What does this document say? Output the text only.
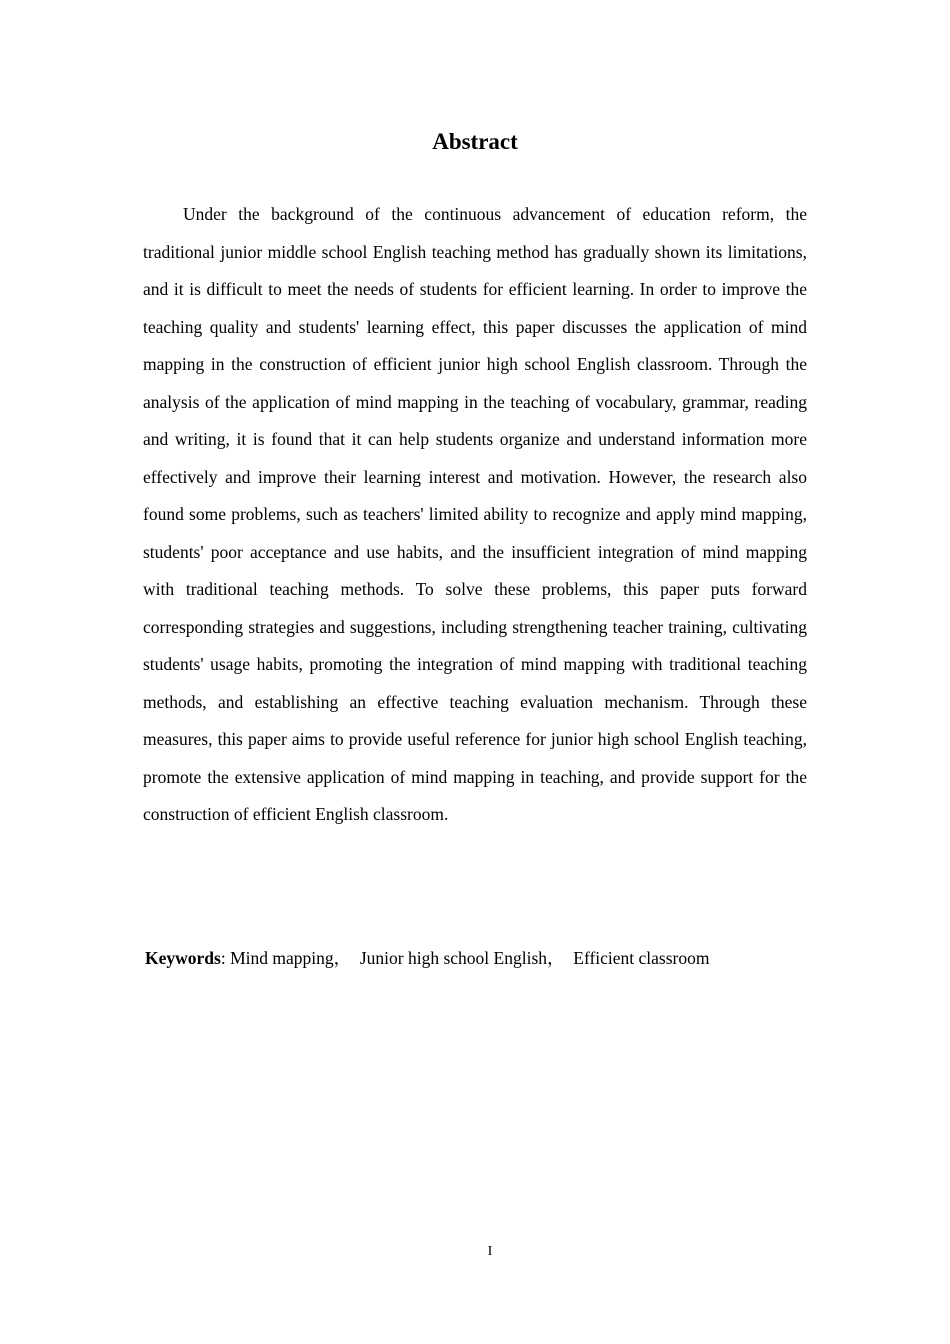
Abstract

Under the background of the continuous advancement of education reform, the traditional junior middle school English teaching method has gradually shown its limitations, and it is difficult to meet the needs of students for efficient learning. In order to improve the teaching quality and students' learning effect, this paper discusses the application of mind mapping in the construction of efficient junior high school English classroom. Through the analysis of the application of mind mapping in the teaching of vocabulary, grammar, reading and writing, it is found that it can help students organize and understand information more effectively and improve their learning interest and motivation. However, the research also found some problems, such as teachers' limited ability to recognize and apply mind mapping, students' poor acceptance and use habits, and the insufficient integration of mind mapping with traditional teaching methods. To solve these problems, this paper puts forward corresponding strategies and suggestions, including strengthening teacher training, cultivating students' usage habits, promoting the integration of mind mapping with traditional teaching methods, and establishing an effective teaching evaluation mechanism. Through these measures, this paper aims to provide useful reference for junior high school English teaching, promote the extensive application of mind mapping in teaching, and provide support for the construction of efficient English classroom.

Keywords: Mind mapping，  Junior high school English，  Efficient classroom
I
